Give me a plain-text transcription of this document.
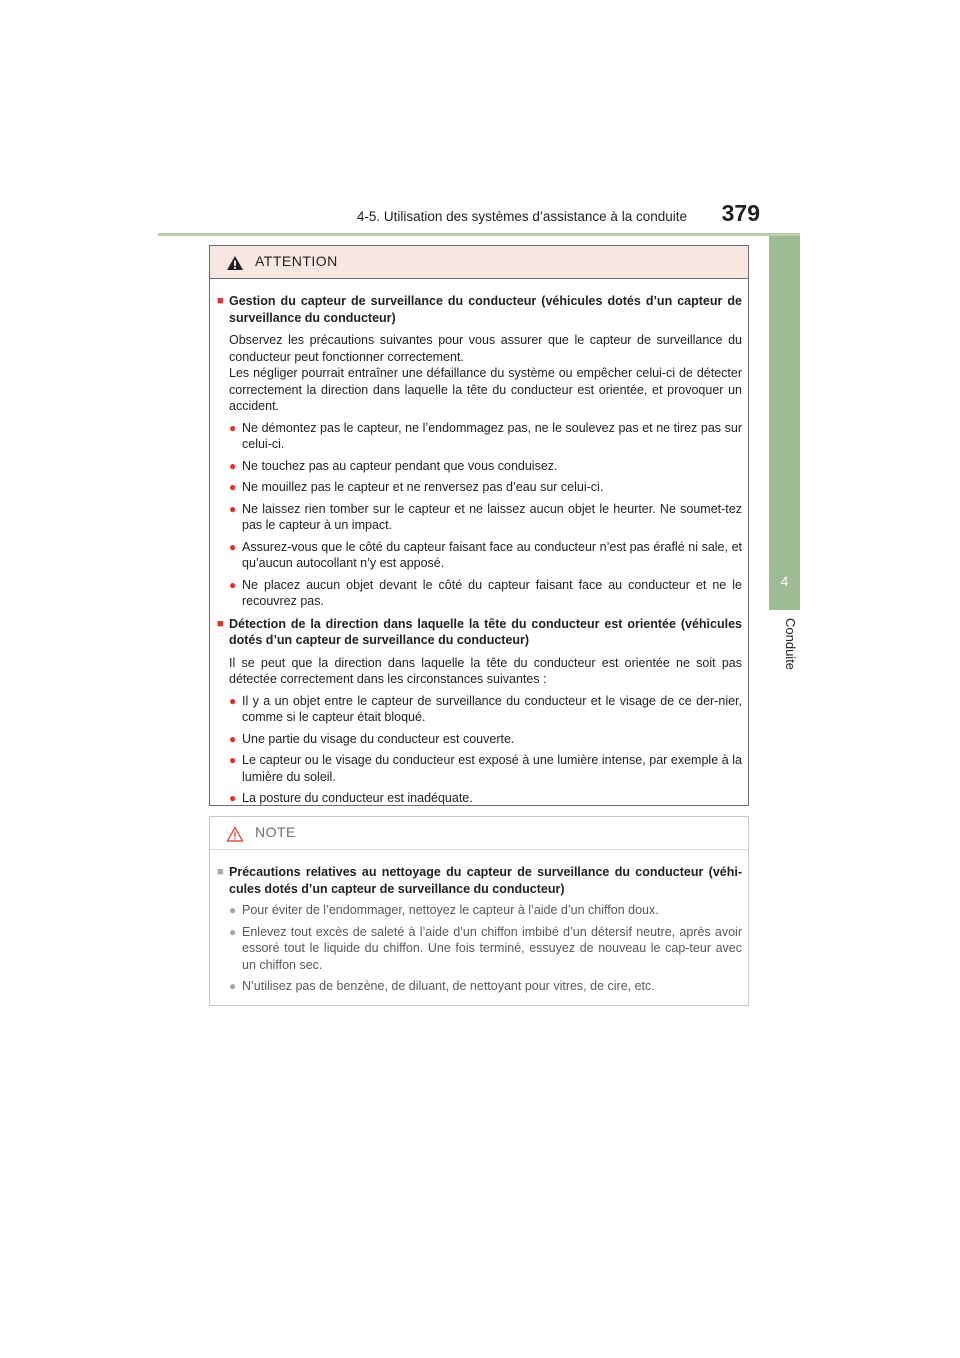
4-5. Utilisation des systèmes d’assistance à la conduite	379
4
Conduite
ATTENTION
■ Gestion du capteur de surveillance du conducteur (véhicules dotés d’un capteur de surveillance du conducteur)
Observez les précautions suivantes pour vous assurer que le capteur de surveillance du conducteur peut fonctionner correctement.
Les négliger pourrait entraîner une défaillance du système ou empêcher celui-ci de détecter correctement la direction dans laquelle la tête du conducteur est orientée, et provoquer un accident.
● Ne démontez pas le capteur, ne l’endommagez pas, ne le soulevez pas et ne tirez pas sur celui-ci.
● Ne touchez pas au capteur pendant que vous conduisez.
● Ne mouillez pas le capteur et ne renversez pas d’eau sur celui-ci.
● Ne laissez rien tomber sur le capteur et ne laissez aucun objet le heurter. Ne soumet-tez pas le capteur à un impact.
● Assurez-vous que le côté du capteur faisant face au conducteur n’est pas éraflé ni sale, et qu’aucun autocollant n’y est apposé.
● Ne placez aucun objet devant le côté du capteur faisant face au conducteur et ne le recouvrez pas.
■ Détection de la direction dans laquelle la tête du conducteur est orientée (véhicules dotés d’un capteur de surveillance du conducteur)
Il se peut que la direction dans laquelle la tête du conducteur est orientée ne soit pas détectée correctement dans les circonstances suivantes :
● Il y a un objet entre le capteur de surveillance du conducteur et le visage de ce der-nier, comme si le capteur était bloqué.
● Une partie du visage du conducteur est couverte.
● Le capteur ou le visage du conducteur est exposé à une lumière intense, par exemple à la lumière du soleil.
● La posture du conducteur est inadéquate.
NOTE
■ Précautions relatives au nettoyage du capteur de surveillance du conducteur (véhi-cules dotés d’un capteur de surveillance du conducteur)
● Pour éviter de l’endommager, nettoyez le capteur à l’aide d’un chiffon doux.
● Enlevez tout excès de saleté à l’aide d’un chiffon imbibé d’un détersif neutre, après avoir essoré tout le liquide du chiffon. Une fois terminé, essuyez de nouveau le cap-teur avec un chiffon sec.
● N’utilisez pas de benzène, de diluant, de nettoyant pour vitres, de cire, etc.
